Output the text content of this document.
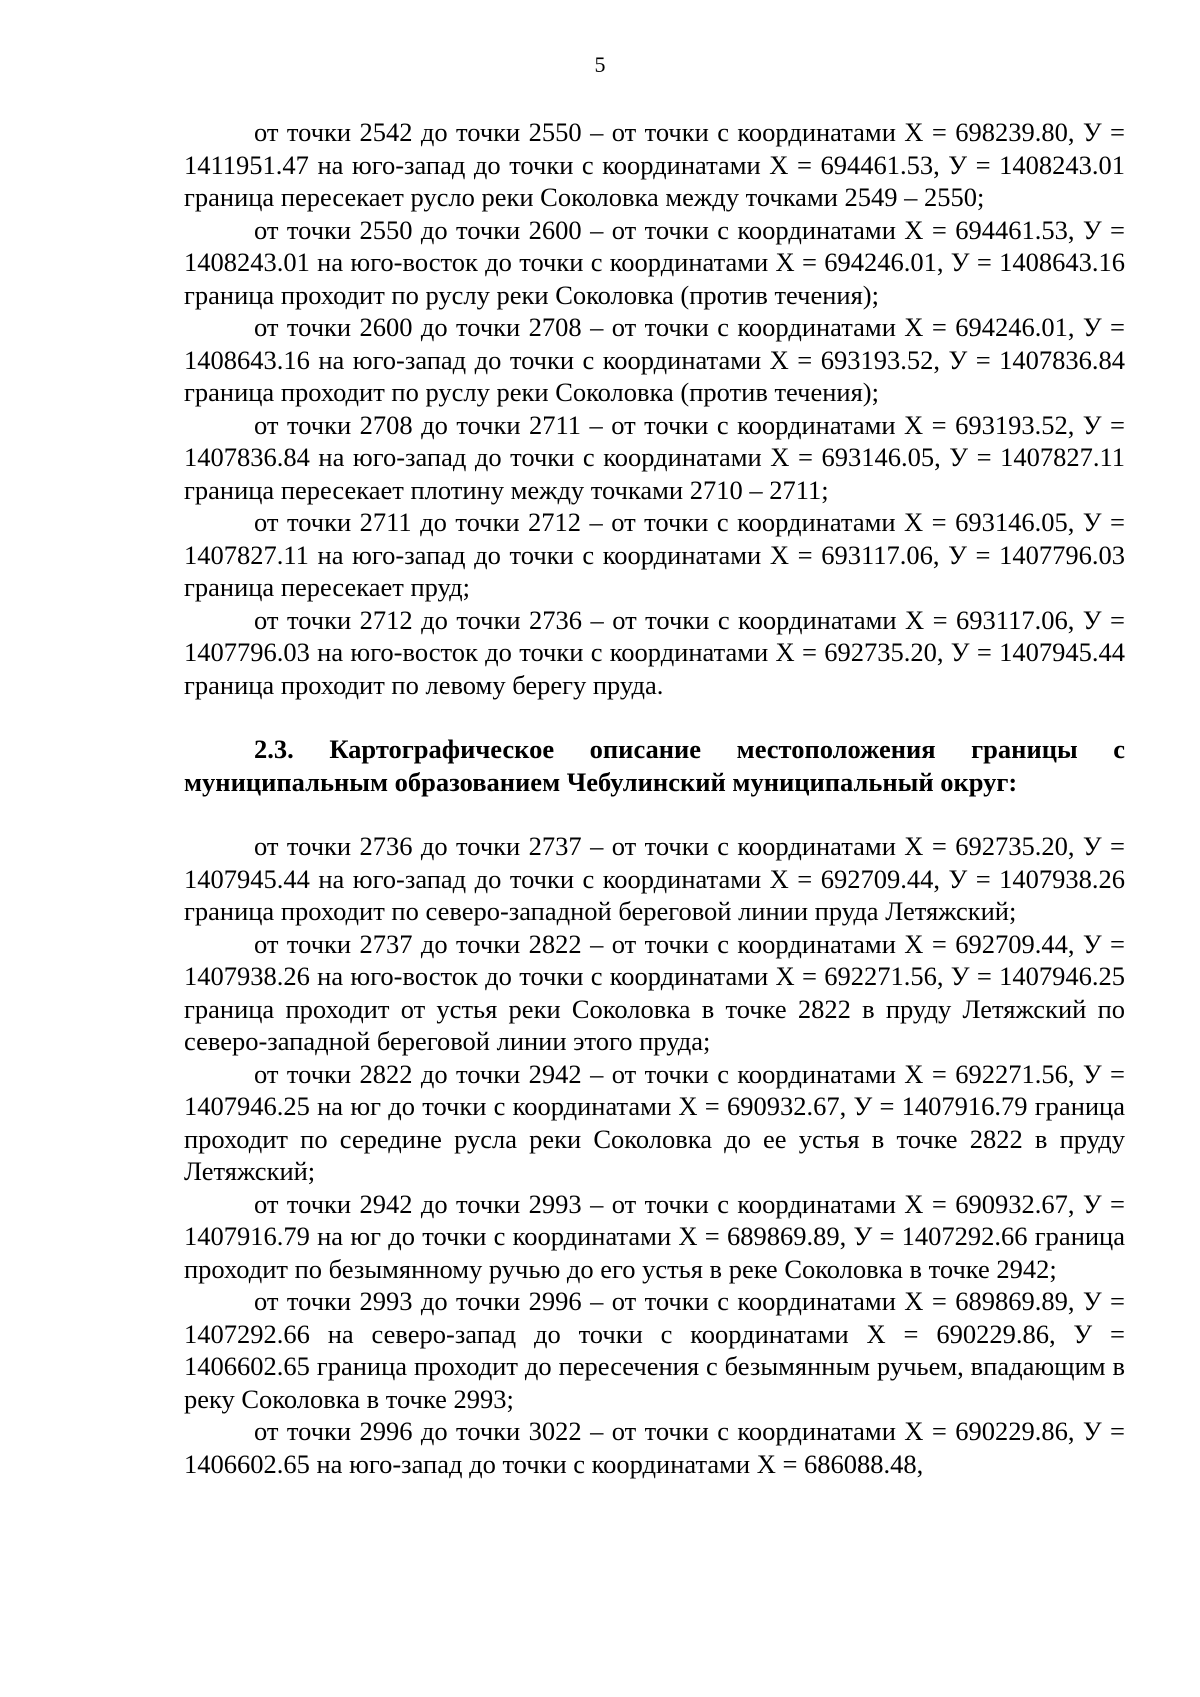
5

от точки 2542 до точки 2550 – от точки с координатами Х = 698239.80, У = 1411951.47 на юго-запад до точки с координатами Х = 694461.53, У = 1408243.01 граница пересекает русло реки Соколовка между точками 2549 – 2550;

от точки 2550 до точки 2600 – от точки с координатами Х = 694461.53, У = 1408243.01 на юго-восток до точки с координатами Х = 694246.01, У = 1408643.16 граница проходит по руслу реки Соколовка (против течения);

от точки 2600 до точки 2708 – от точки с координатами Х = 694246.01, У = 1408643.16 на юго-запад до точки с координатами Х = 693193.52, У = 1407836.84 граница проходит по руслу реки Соколовка (против течения);

от точки 2708 до точки 2711 – от точки с координатами Х = 693193.52, У = 1407836.84 на юго-запад до точки с координатами Х = 693146.05, У = 1407827.11 граница пересекает плотину между точками 2710 – 2711;

от точки 2711 до точки 2712 – от точки с координатами Х = 693146.05, У = 1407827.11 на юго-запад до точки с координатами Х = 693117.06, У = 1407796.03 граница пересекает пруд;

от точки 2712 до точки 2736 – от точки с координатами Х = 693117.06, У = 1407796.03 на юго-восток до точки с координатами Х = 692735.20, У = 1407945.44 граница проходит по левому берегу пруда.

2.3. Картографическое описание местоположения границы с муниципальным образованием Чебулинский муниципальный округ:

от точки 2736 до точки 2737 – от точки с координатами Х = 692735.20, У = 1407945.44 на юго-запад до точки с координатами Х = 692709.44, У = 1407938.26 граница проходит по северо-западной береговой линии пруда Летяжский;

от точки 2737 до точки 2822 – от точки с координатами Х = 692709.44, У = 1407938.26 на юго-восток до точки с координатами Х = 692271.56, У = 1407946.25 граница проходит от устья реки Соколовка в точке 2822 в пруду Летяжский по северо-западной береговой линии этого пруда;

от точки 2822 до точки 2942 – от точки с координатами Х = 692271.56, У = 1407946.25 на юг до точки с координатами Х = 690932.67, У = 1407916.79 граница проходит по середине русла реки Соколовка до ее устья в точке 2822 в пруду Летяжский;

от точки 2942 до точки 2993 – от точки с координатами Х = 690932.67, У = 1407916.79 на юг до точки с координатами Х = 689869.89, У = 1407292.66 граница проходит по безымянному ручью до его устья в реке Соколовка в точке 2942;

от точки 2993 до точки 2996 – от точки с координатами Х = 689869.89, У = 1407292.66 на северо-запад до точки с координатами Х = 690229.86, У = 1406602.65 граница проходит до пересечения с безымянным ручьем, впадающим в реку Соколовка в точке 2993;

от точки 2996 до точки 3022 – от точки с координатами Х = 690229.86, У = 1406602.65 на юго-запад до точки с координатами Х = 686088.48,
